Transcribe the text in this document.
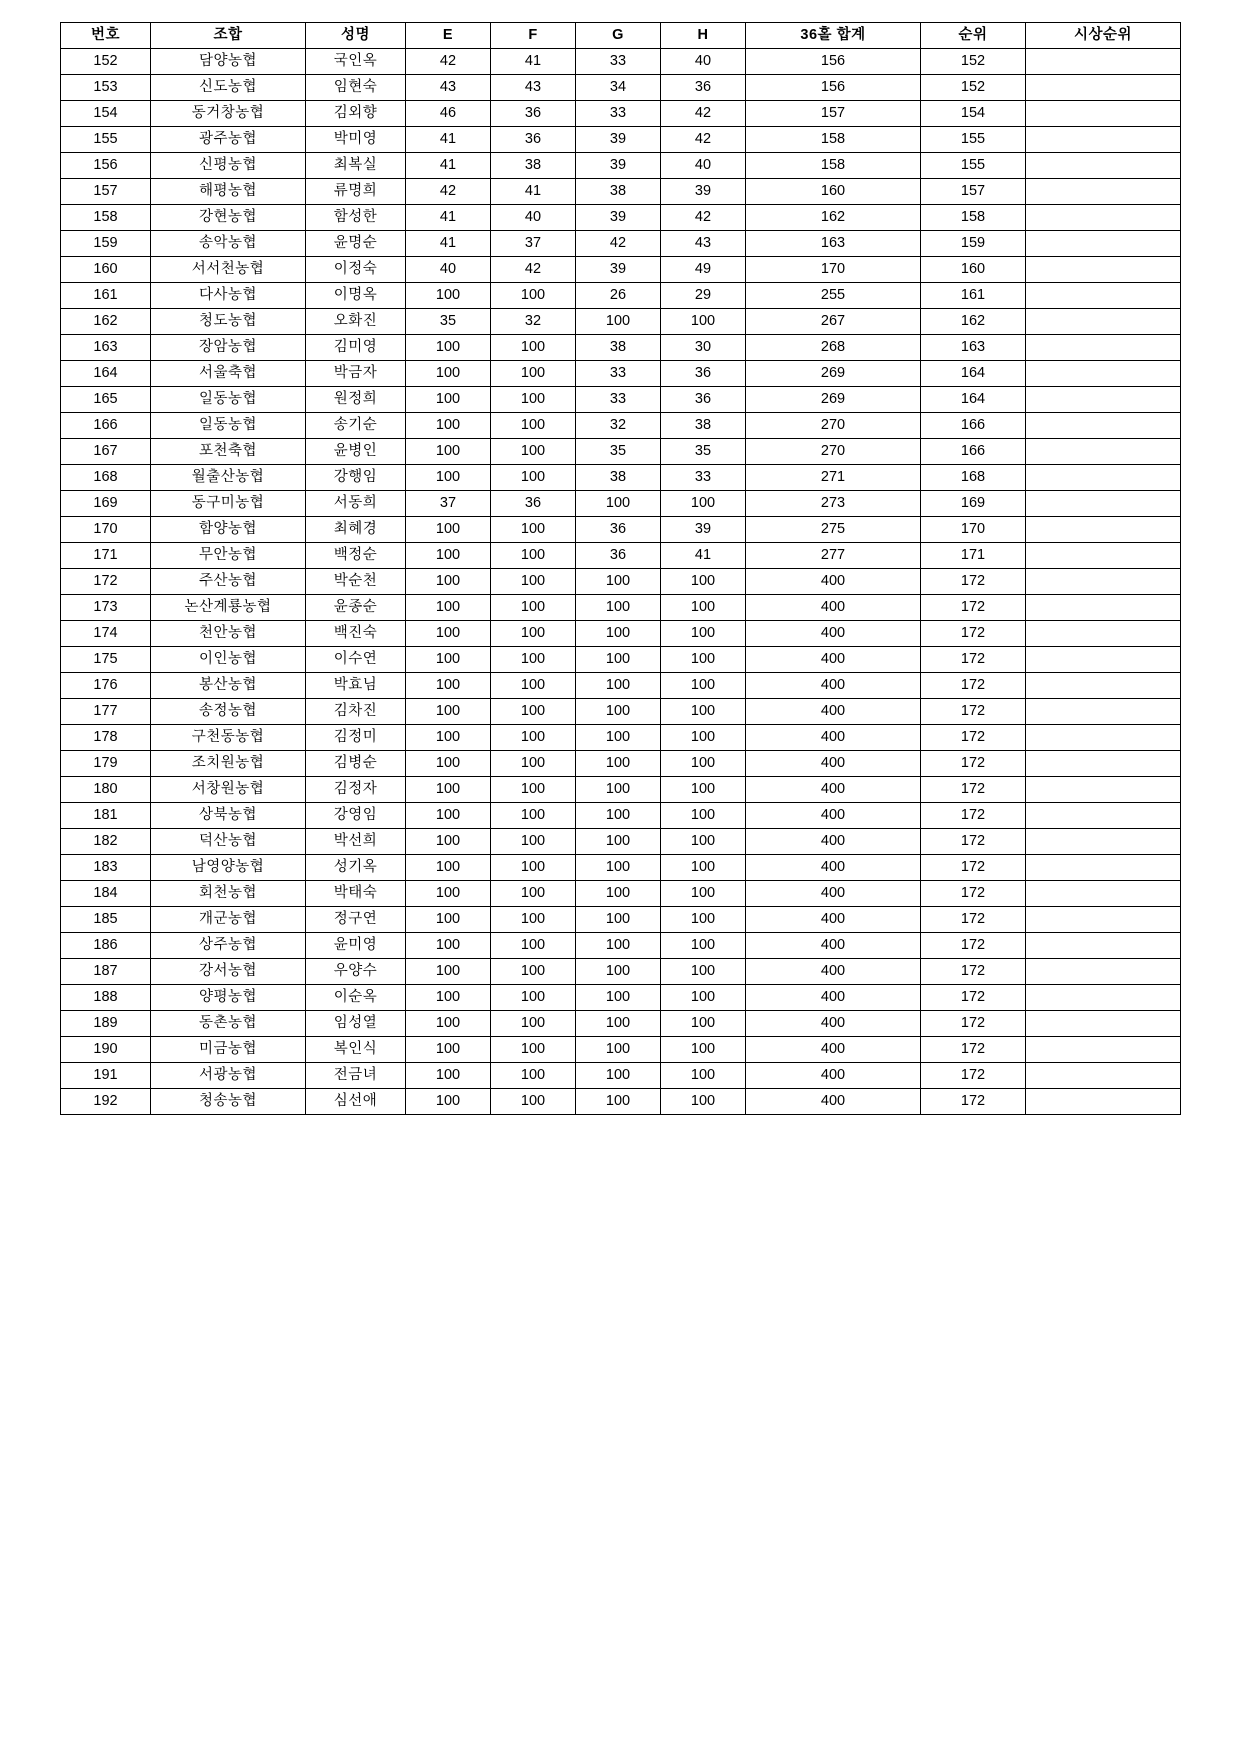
번호	조합	성명	E	F	G	H	36홀 합계	순위	시상순위
152	담양농협	국인옥	42	41	33	40	156	152	
153	신도농협	임현숙	43	43	34	36	156	152	
154	동거창농협	김외향	46	36	33	42	157	154	
155	광주농협	박미영	41	36	39	42	158	155	
156	신평농협	최복실	41	38	39	40	158	155	
157	해평농협	류명희	42	41	38	39	160	157	
158	강현농협	함성한	41	40	39	42	162	158	
159	송악농협	윤명순	41	37	42	43	163	159	
160	서서천농협	이정숙	40	42	39	49	170	160	
161	다사농협	이명옥	100	100	26	29	255	161	
162	청도농협	오화진	35	32	100	100	267	162	
163	장암농협	김미영	100	100	38	30	268	163	
164	서울축협	박금자	100	100	33	36	269	164	
165	일동농협	원정희	100	100	33	36	269	164	
166	일동농협	송기순	100	100	32	38	270	166	
167	포천축협	윤병인	100	100	35	35	270	166	
168	월출산농협	강행임	100	100	38	33	271	168	
169	동구미농협	서동희	37	36	100	100	273	169	
170	함양농협	최혜경	100	100	36	39	275	170	
171	무안농협	백정순	100	100	36	41	277	171	
172	주산농협	박순천	100	100	100	100	400	172	
173	논산계룡농협	윤종순	100	100	100	100	400	172	
174	천안농협	백진숙	100	100	100	100	400	172	
175	이인농협	이수연	100	100	100	100	400	172	
176	봉산농협	박효님	100	100	100	100	400	172	
177	송정농협	김차진	100	100	100	100	400	172	
178	구천동농협	김정미	100	100	100	100	400	172	
179	조치원농협	김병순	100	100	100	100	400	172	
180	서창원농협	김정자	100	100	100	100	400	172	
181	상북농협	강영임	100	100	100	100	400	172	
182	덕산농협	박선희	100	100	100	100	400	172	
183	남영양농협	성기옥	100	100	100	100	400	172	
184	회천농협	박태숙	100	100	100	100	400	172	
185	개군농협	정구연	100	100	100	100	400	172	
186	상주농협	윤미영	100	100	100	100	400	172	
187	강서농협	우양수	100	100	100	100	400	172	
188	양평농협	이순옥	100	100	100	100	400	172	
189	동촌농협	임성열	100	100	100	100	400	172	
190	미금농협	복인식	100	100	100	100	400	172	
191	서광농협	전금녀	100	100	100	100	400	172	
192	청송농협	심선애	100	100	100	100	400	172	
